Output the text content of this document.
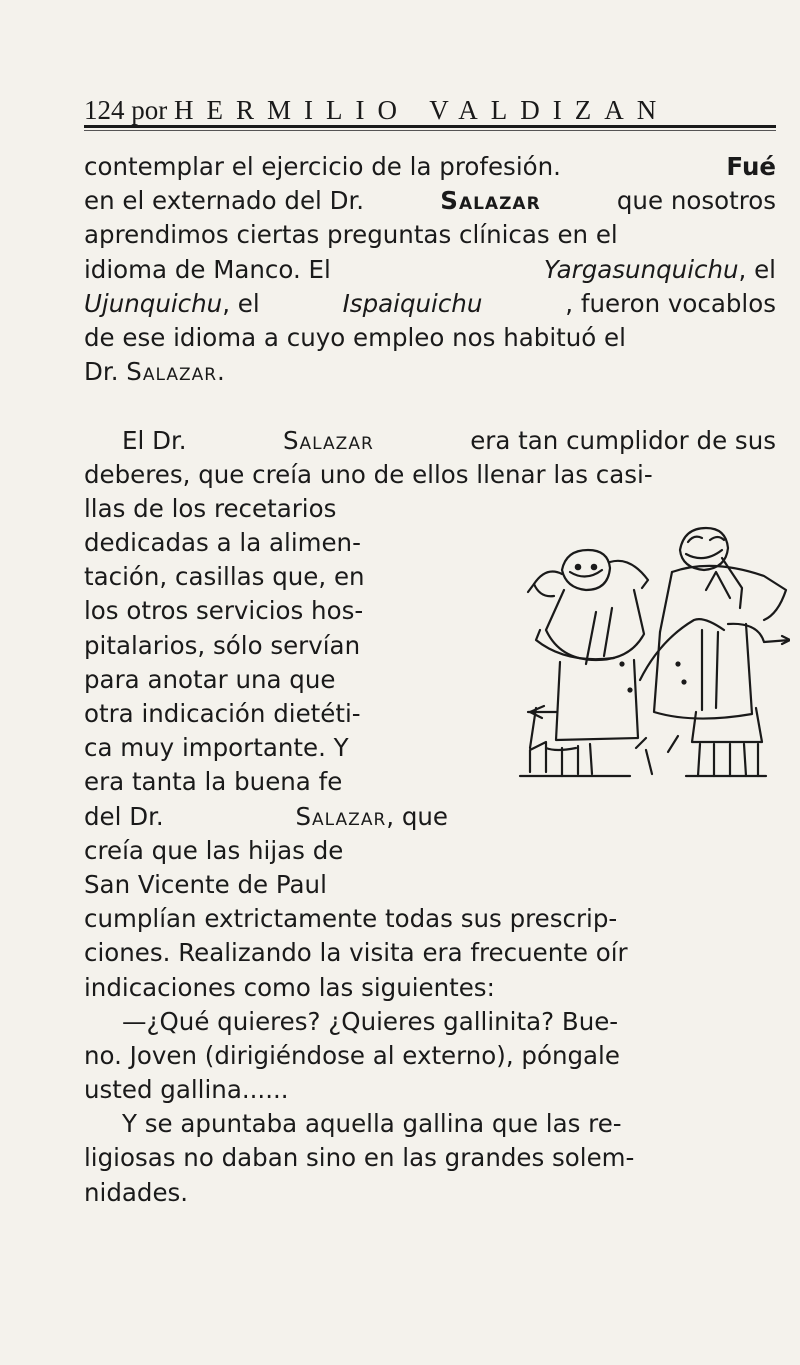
124 por HERMILIO VALDIZAN
contemplar el ejercicio de la profesión.	Fué
en el externado del Dr.	Salazar	que nosotros
aprendimos ciertas preguntas clínicas en el
idioma de Manco. El	Yargasunquichu, el
Ujunquichu, el	Ispaiquichu	, fueron vocablos
de ese idioma a cuyo empleo nos habituó el
Dr. Salazar.
El Dr.	Salazar	era tan cumplidor de sus
deberes, que creía uno de ellos llenar las casi-
llas de los recetarios
dedicadas a la alimen-
tación, casillas que, en
los otros servicios hos-
pitalarios, sólo servían
para anotar una que
otra indicación dietéti-
ca muy importante. Y
era tanta la buena fe
del Dr.	Salazar, que
creía que las hijas de
San Vicente de Paul
cumplían extrictamente todas sus prescrip-
ciones. Realizando la visita era frecuente oír
indicaciones como las siguientes:
—¿Qué quieres? ¿Quieres gallinita? Bue-
no. Joven (dirigiéndose al externo), póngale
usted gallina......
Y se apuntaba aquella gallina que las re-
ligiosas no daban sino en las grandes solem-
nidades.
